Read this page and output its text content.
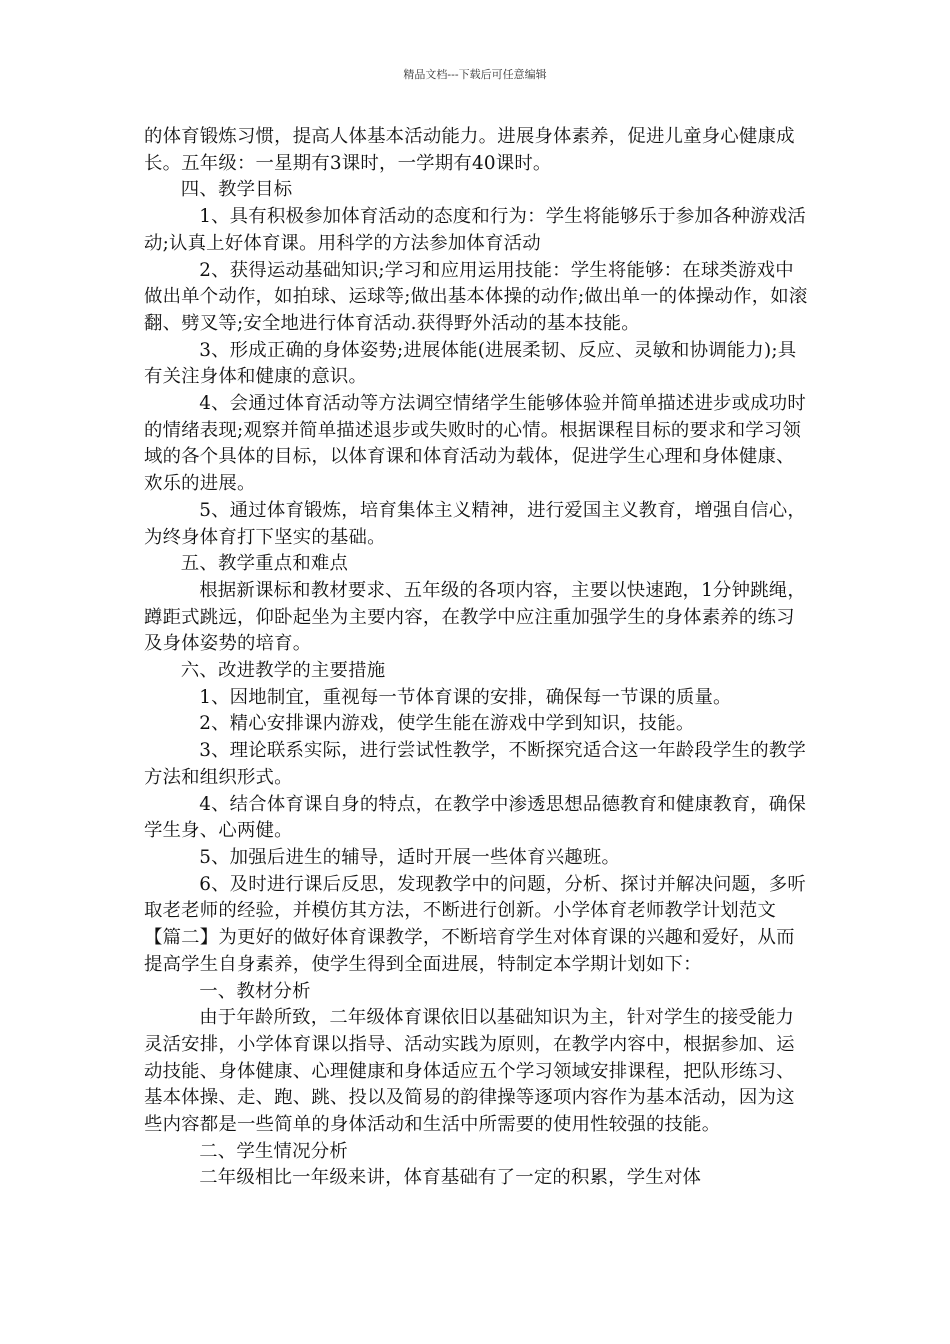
精品文档---下载后可任意编辑

的体育锻炼习惯，提高人体基本活动能力。进展身体素养，促进儿童身心健康成长。五年级：一星期有3课时，一学期有40课时。

四、教学目标

1、具有积极参加体育活动的态度和行为：学生将能够乐于参加各种游戏活动;认真上好体育课。用科学的方法参加体育活动

2、获得运动基础知识;学习和应用运用技能：学生将能够：在球类游戏中做出单个动作，如拍球、运球等;做出基本体操的动作;做出单一的体操动作，如滚翻、劈叉等;安全地进行体育活动.获得野外活动的基本技能。

3、形成正确的身体姿势;进展体能(进展柔韧、反应、灵敏和协调能力);具有关注身体和健康的意识。

4、会通过体育活动等方法调空情绪学生能够体验并简单描述进步或成功时的情绪表现;观察并简单描述退步或失败时的心情。根据课程目标的要求和学习领域的各个具体的目标，以体育课和体育活动为载体，促进学生心理和身体健康、欢乐的进展。

5、通过体育锻炼，培育集体主义精神，进行爱国主义教育，增强自信心，为终身体育打下坚实的基础。

五、教学重点和难点

根据新课标和教材要求、五年级的各项内容，主要以快速跑，1分钟跳绳，蹲距式跳远，仰卧起坐为主要内容，在教学中应注重加强学生的身体素养的练习及身体姿势的培育。

六、改进教学的主要措施

1、因地制宜，重视每一节体育课的安排，确保每一节课的质量。

2、精心安排课内游戏，使学生能在游戏中学到知识，技能。

3、理论联系实际，进行尝试性教学，不断探究适合这一年龄段学生的教学方法和组织形式。

4、结合体育课自身的特点，在教学中渗透思想品德教育和健康教育，确保学生身、心两健。

5、加强后进生的辅导，适时开展一些体育兴趣班。

6、及时进行课后反思，发现教学中的问题，分析、探讨并解决问题，多听取老老师的经验，并模仿其方法，不断进行创新。小学体育老师教学计划范文【篇二】为更好的做好体育课教学，不断培育学生对体育课的兴趣和爱好，从而提高学生自身素养，使学生得到全面进展，特制定本学期计划如下：

一、教材分析

由于年龄所致，二年级体育课依旧以基础知识为主，针对学生的接受能力灵活安排，小学体育课以指导、活动实践为原则，在教学内容中，根据参加、运动技能、身体健康、心理健康和身体适应五个学习领域安排课程，把队形练习、基本体操、走、跑、跳、投以及简易的韵律操等逐项内容作为基本活动，因为这些内容都是一些简单的身体活动和生活中所需要的使用性较强的技能。

二、学生情况分析

二年级相比一年级来讲，体育基础有了一定的积累，学生对体
